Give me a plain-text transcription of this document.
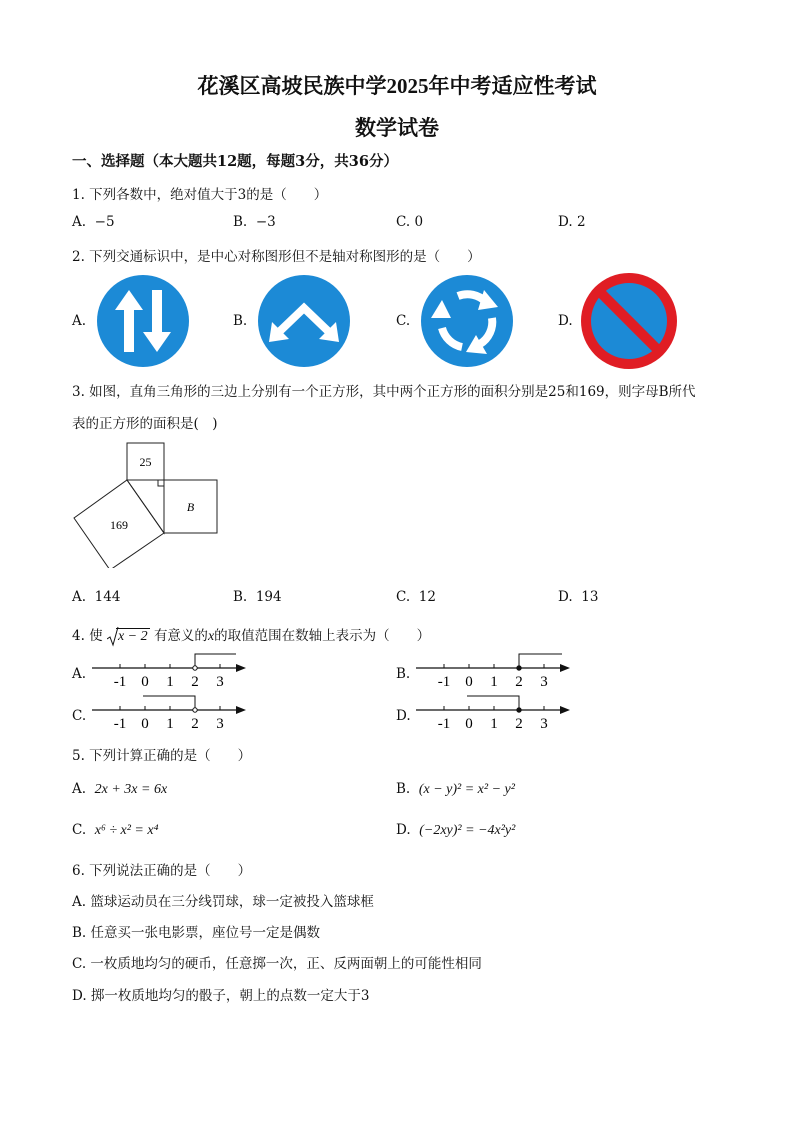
花溪区高坡民族中学2025年中考适应性考试
数学试卷
一、选择题（本大题共12题，每题3分，共36分）
1. 下列各数中，绝对值大于3的是（　　）
A. −5	B. −3	C. 0	D. 2
2. 下列交通标识中，是中心对称图形但不是轴对称图形的是（　　）
A.	B.	C.	D.
3. 如图，直角三角形的三边上分别有一个正方形，其中两个正方形的面积分别是25和169，则字母B所代
表的正方形的面积是(　)
25
B
169
A. 144	B. 194	C. 12	D. 13
4. 使 x − 2 有意义的x的取值范围在数轴上表示为（　　）
A.	B.
C.	D.
-1 0 1 2 3	-1 0 1 2 3
-1 0 1 2 3	-1 0 1 2 3
5. 下列计算正确的是（　　）
A. 2x + 3x = 6x	B. (x − y)² = x² − y²
C. x⁶ ÷ x² = x⁴	D. (−2xy)² = −4x²y²
6. 下列说法正确的是（　　）
A. 篮球运动员在三分线罚球，球一定被投入篮球框
B. 任意买一张电影票，座位号一定是偶数
C. 一枚质地均匀的硬币，任意掷一次，正、反两面朝上的可能性相同
D. 掷一枚质地均匀的骰子，朝上的点数一定大于3
